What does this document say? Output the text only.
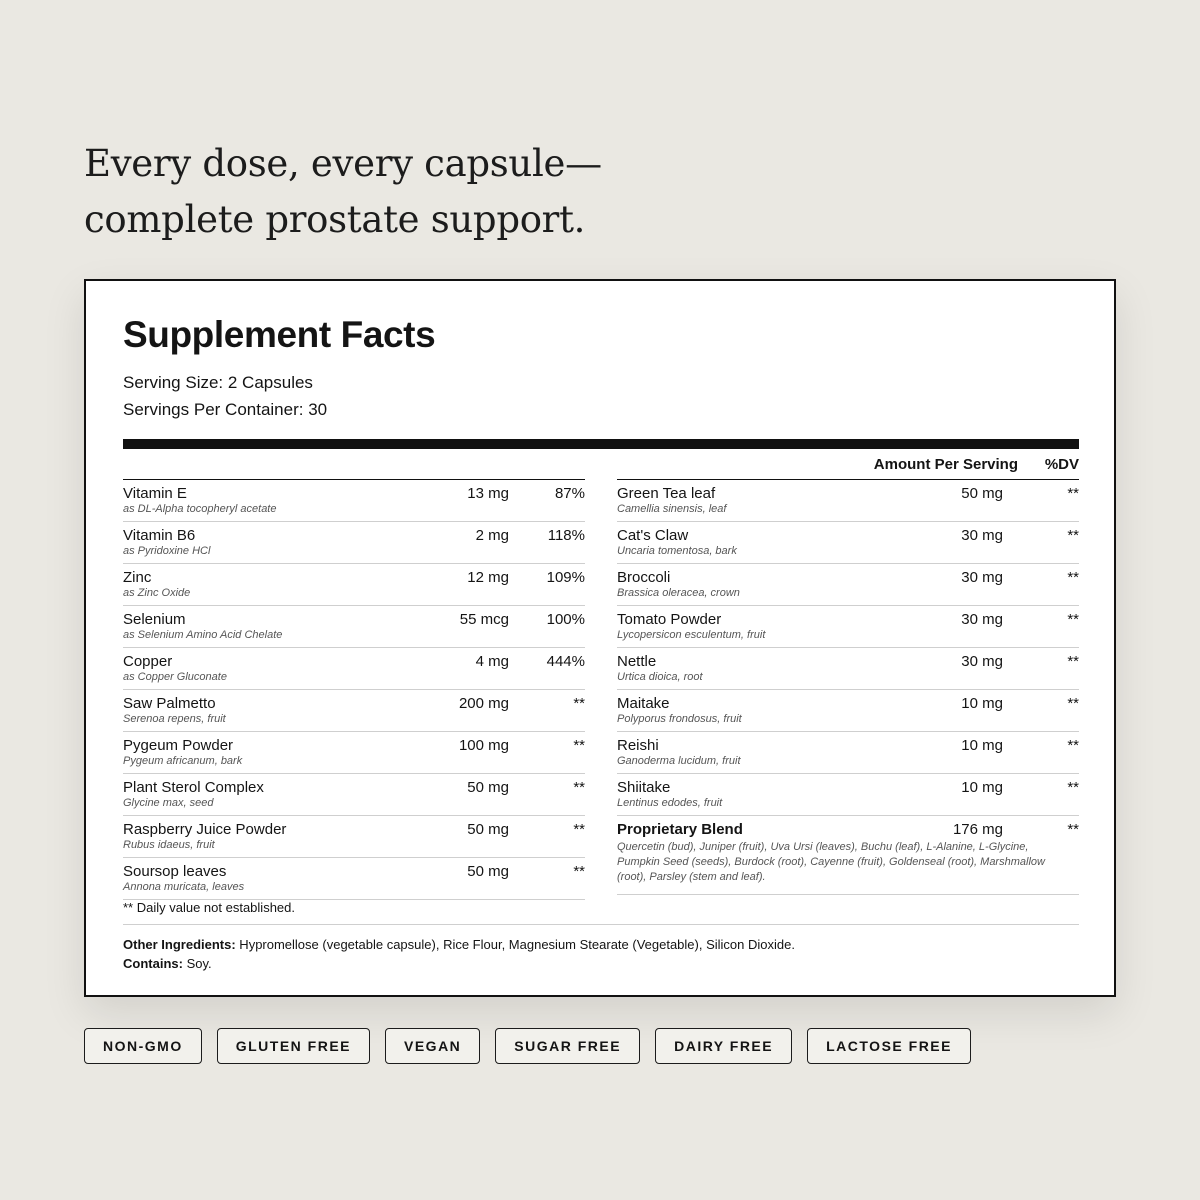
Every dose, every capsule—
complete prostate support.
Supplement Facts
Serving Size: 2 Capsules
Servings Per Container: 30
Amount Per Serving %DV
Vitamin E
as DL-Alpha tocopheryl acetate
13 mg	87%
Vitamin B6
as Pyridoxine HCl
2 mg	118%
Zinc
as Zinc Oxide
12 mg	109%
Selenium
as Selenium Amino Acid Chelate
55 mcg	100%
Copper
as Copper Gluconate
4 mg	444%
Saw Palmetto
Serenoa repens, fruit
200 mg	**
Pygeum Powder
Pygeum africanum, bark
100 mg	**
Plant Sterol Complex
Glycine max, seed
50 mg	**
Raspberry Juice Powder
Rubus idaeus, fruit
50 mg	**
Soursop leaves
Annona muricata, leaves
50 mg	**
Green Tea leaf
Camellia sinensis, leaf
50 mg	**
Cat's Claw
Uncaria tomentosa, bark
30 mg	**
Broccoli
Brassica oleracea, crown
30 mg	**
Tomato Powder
Lycopersicon esculentum, fruit
30 mg	**
Nettle
Urtica dioica, root
30 mg	**
Maitake
Polyporus frondosus, fruit
10 mg	**
Reishi
Ganoderma lucidum, fruit
10 mg	**
Shiitake
Lentinus edodes, fruit
10 mg	**
Proprietary Blend	176 mg	**
Quercetin (bud), Juniper (fruit), Uva Ursi (leaves), Buchu (leaf), L-Alanine, L-Glycine, Pumpkin Seed (seeds), Burdock (root), Cayenne (fruit), Goldenseal (root), Marshmallow (root), Parsley (stem and leaf).
** Daily value not established.
Other Ingredients: Hypromellose (vegetable capsule), Rice Flour, Magnesium Stearate (Vegetable), Silicon Dioxide.
Contains: Soy.
NON-GMO	GLUTEN FREE	VEGAN	SUGAR FREE	DAIRY FREE	LACTOSE FREE
